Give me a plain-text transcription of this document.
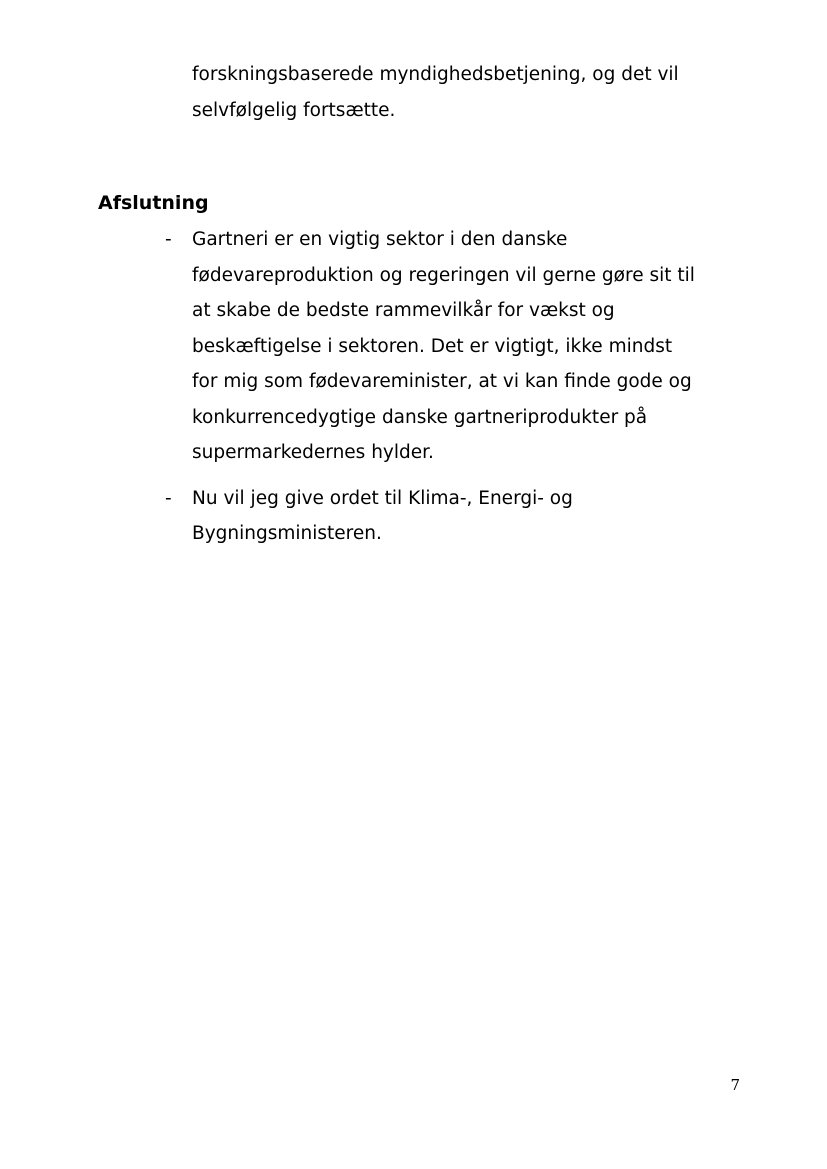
forskningsbaserede myndighedsbetjening, og det vil
selvfølgelig fortsætte.

Afslutning
- Gartneri er en vigtig sektor i den danske
fødevareproduktion og regeringen vil gerne gøre sit til
at skabe de bedste rammevilkår for vækst og
beskæftigelse i sektoren. Det er vigtigt, ikke mindst
for mig som fødevareminister, at vi kan finde gode og
konkurrencedygtige danske gartneriprodukter på
supermarkedernes hylder.
- Nu vil jeg give ordet til Klima-, Energi- og
Bygningsministeren.
7
